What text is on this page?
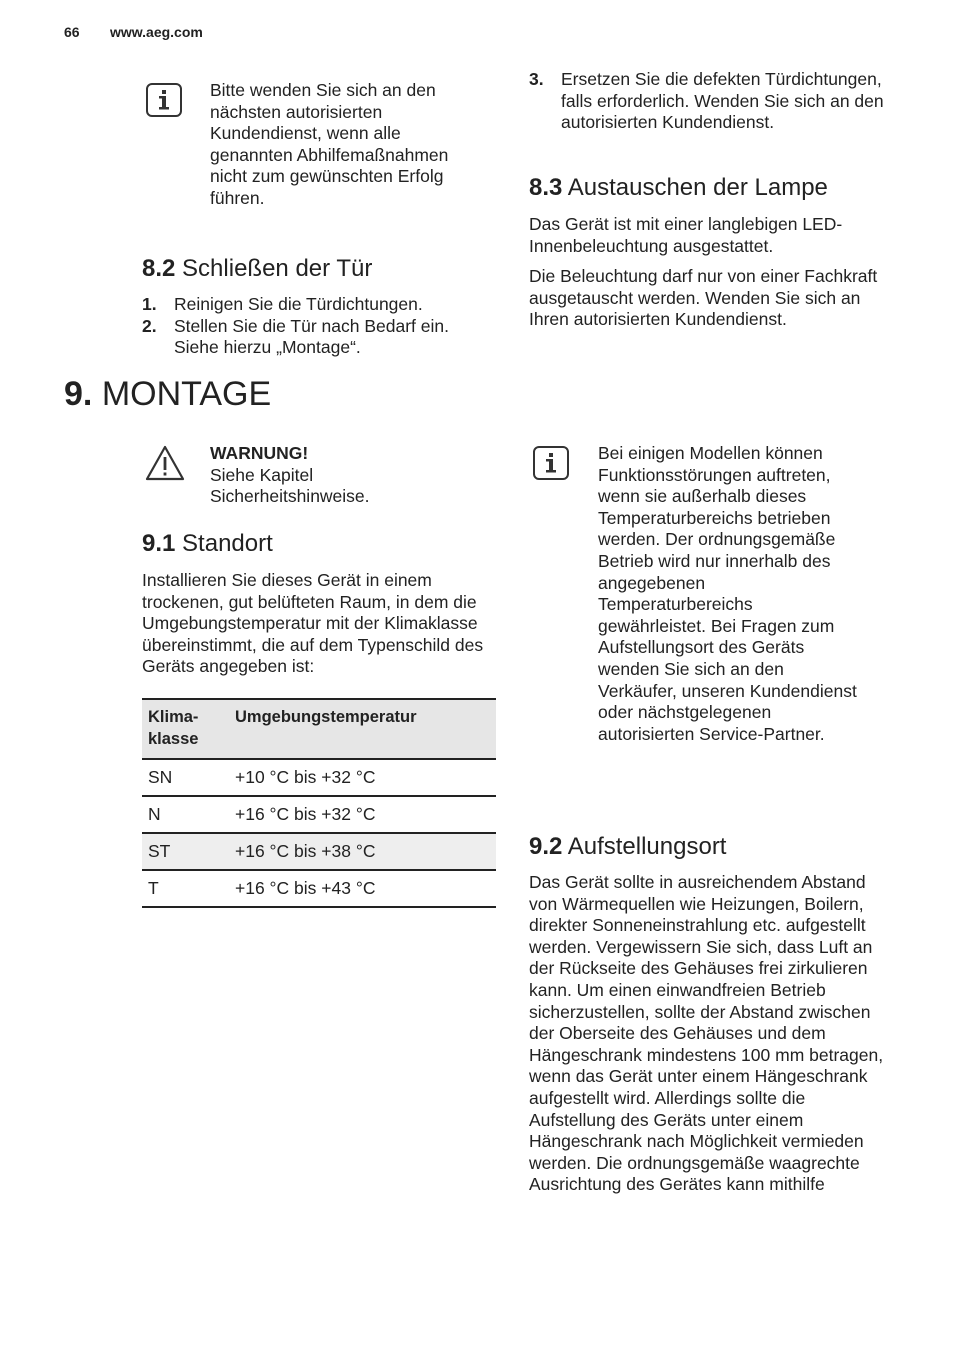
66 www.aeg.com

Bitte wenden Sie sich an den nächsten autorisierten Kundendienst, wenn alle genannten Abhilfemaßnahmen nicht zum gewünschten Erfolg führen.

8.2 Schließen der Tür
1. Reinigen Sie die Türdichtungen.
2. Stellen Sie die Tür nach Bedarf ein. Siehe hierzu „Montage“.
3. Ersetzen Sie die defekten Türdichtungen, falls erforderlich. Wenden Sie sich an den autorisierten Kundendienst.
8.3 Austauschen der Lampe

Das Gerät ist mit einer langlebigen LED-Innenbeleuchtung ausgestattet.

Die Beleuchtung darf nur von einer Fachkraft ausgetauscht werden. Wenden Sie sich an Ihren autorisierten Kundendienst.

9. MONTAGE
WARNUNG!
Siehe Kapitel Sicherheitshinweise.
9.1 Standort

Installieren Sie dieses Gerät in einem trockenen, gut belüfteten Raum, in dem die Umgebungstemperatur mit der Klimaklasse übereinstimmt, die auf dem Typenschild des Geräts angegeben ist:

Klima-klasse	Umgebungstemperatur
SN	+10 °C bis +32 °C
N	+16 °C bis +32 °C
ST	+16 °C bis +38 °C
T	+16 °C bis +43 °C

Bei einigen Modellen können Funktionsstörungen auftreten, wenn sie außerhalb dieses Temperaturbereichs betrieben werden. Der ordnungsgemäße Betrieb wird nur innerhalb des angegebenen Temperaturbereichs gewährleistet. Bei Fragen zum Aufstellungsort des Geräts wenden Sie sich an den Verkäufer, unseren Kundendienst oder nächstgelegenen autorisierten Service-Partner.

9.2 Aufstellungsort

Das Gerät sollte in ausreichendem Abstand von Wärmequellen wie Heizungen, Boilern, direkter Sonneneinstrahlung etc. aufgestellt werden. Vergewissern Sie sich, dass Luft an der Rückseite des Gehäuses frei zirkulieren kann. Um einen einwandfreien Betrieb sicherzustellen, sollte der Abstand zwischen der Oberseite des Gehäuses und dem Hängeschrank mindestens 100 mm betragen, wenn das Gerät unter einem Hängeschrank aufgestellt wird. Allerdings sollte die Aufstellung des Geräts unter einem Hängeschrank nach Möglichkeit vermieden werden. Die ordnungsgemäße waagrechte Ausrichtung des Gerätes kann mithilfe
